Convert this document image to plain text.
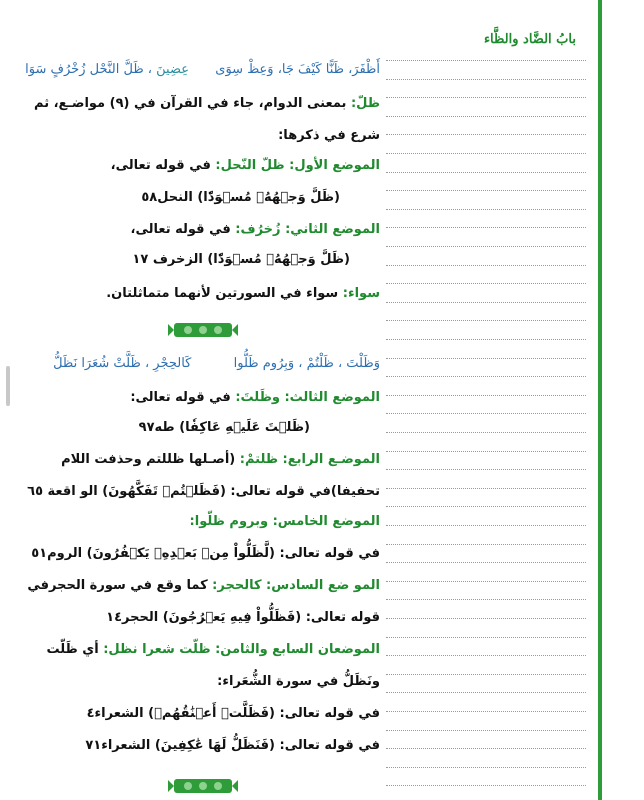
بابُ الضَّاد والظَّاء
أَظْفَرَ، ظَنًّا كَيْفَ جَا، وَعِظْ سِوَى  عِضِينَ ، ظَلَّ النَّحْل زُخْرُفٍ سَوَا
ظلّ: بمعنى الدوام، جاء في القرآن في (٩) مواضـع، ثم
شرع في ذكرها:
الموضع الأول: ظلّ النّحل: في قوله تعالى،
(ظَلَّ وَجۡهُهُۥ مُسۡوَدّٗا) النحل٥٨
الموضع الثاني: زُخرُف: في قوله تعالى،
(ظَلَّ وَجۡهُهُۥ مُسۡوَدّٗا) الزخرف ١٧
سواء: سواء في السورتين لأنهما متماثلتان.
وَظَلْتَ ، ظَلْتُمْ ، وَبِرُوم ظَلُّوا  كَالحِجْرِ ، ظَلَّتْ شُعَرَا نَظَلُّ
الموضع الثالث: وظَلتَ: في قوله تعالى:
(ظَلۡتَ عَلَيۡهِ عَاكِفٗا) طه٩٧
الموضـع الرابع: ظلتمْ: (أصـلها ظللتم وحذفت اللام
تحفيفا)في قوله تعالى: (فَظَلۡتُمۡ تَفَكَّهُونَ) الو اقعة ٦٥
الموضع الخامس: وبروم ظلّوا:
في قوله تعالى: (لَّظَلُّواْ مِنۢ بَعۡدِهِۦ يَكۡفُرُونَ) الروم٥١
المو ضع السادس: كالحجر: كما وقع في سورة الحجرفي
قوله تعالى: (فَظَلُّواْ فِيهِ يَعۡرُجُونَ) الحجر١٤
الموضعان السابع والثامن: ظلّت شعرا نظل: أي ظَلّت
ونَظَلُّ في سورة الشُّعَراء:
في قوله تعالى: (فَظَلَّتۡ أَعۡنَٰقُهُمۡ) الشعراء٤
في قوله تعالى: (فَنَظَلُّ لَهَا عَٰكِفِينَ) الشعراء٧١
